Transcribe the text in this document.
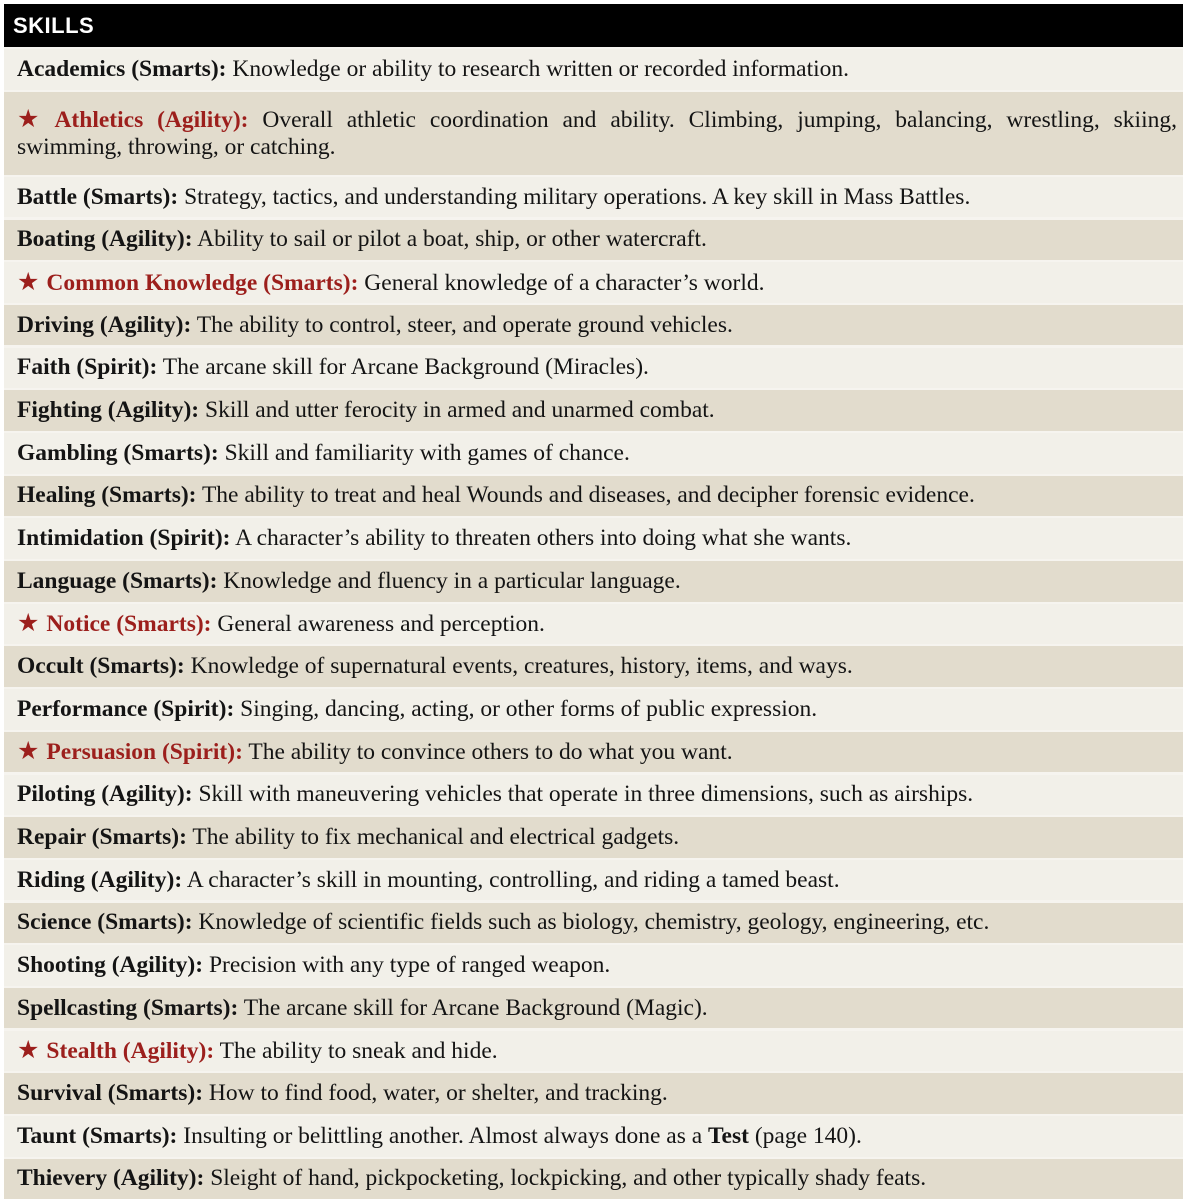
SKILLS
Academics (Smarts): Knowledge or ability to research written or recorded information.
★ Athletics (Agility): Overall athletic coordination and ability. Climbing, jumping, balancing, wrestling, skiing, swimming, throwing, or catching.
Battle (Smarts): Strategy, tactics, and understanding military operations. A key skill in Mass Battles.
Boating (Agility): Ability to sail or pilot a boat, ship, or other watercraft.
★ Common Knowledge (Smarts): General knowledge of a character’s world.
Driving (Agility): The ability to control, steer, and operate ground vehicles.
Faith (Spirit): The arcane skill for Arcane Background (Miracles).
Fighting (Agility): Skill and utter ferocity in armed and unarmed combat.
Gambling (Smarts): Skill and familiarity with games of chance.
Healing (Smarts): The ability to treat and heal Wounds and diseases, and decipher forensic evidence.
Intimidation (Spirit): A character’s ability to threaten others into doing what she wants.
Language (Smarts): Knowledge and fluency in a particular language.
★ Notice (Smarts): General awareness and perception.
Occult (Smarts): Knowledge of supernatural events, creatures, history, items, and ways.
Performance (Spirit): Singing, dancing, acting, or other forms of public expression.
★ Persuasion (Spirit): The ability to convince others to do what you want.
Piloting (Agility): Skill with maneuvering vehicles that operate in three dimensions, such as airships.
Repair (Smarts): The ability to fix mechanical and electrical gadgets.
Riding (Agility): A character’s skill in mounting, controlling, and riding a tamed beast.
Science (Smarts): Knowledge of scientific fields such as biology, chemistry, geology, engineering, etc.
Shooting (Agility): Precision with any type of ranged weapon.
Spellcasting (Smarts): The arcane skill for Arcane Background (Magic).
★ Stealth (Agility): The ability to sneak and hide.
Survival (Smarts): How to find food, water, or shelter, and tracking.
Taunt (Smarts): Insulting or belittling another. Almost always done as a Test (page 140).
Thievery (Agility): Sleight of hand, pickpocketing, lockpicking, and other typically shady feats.
